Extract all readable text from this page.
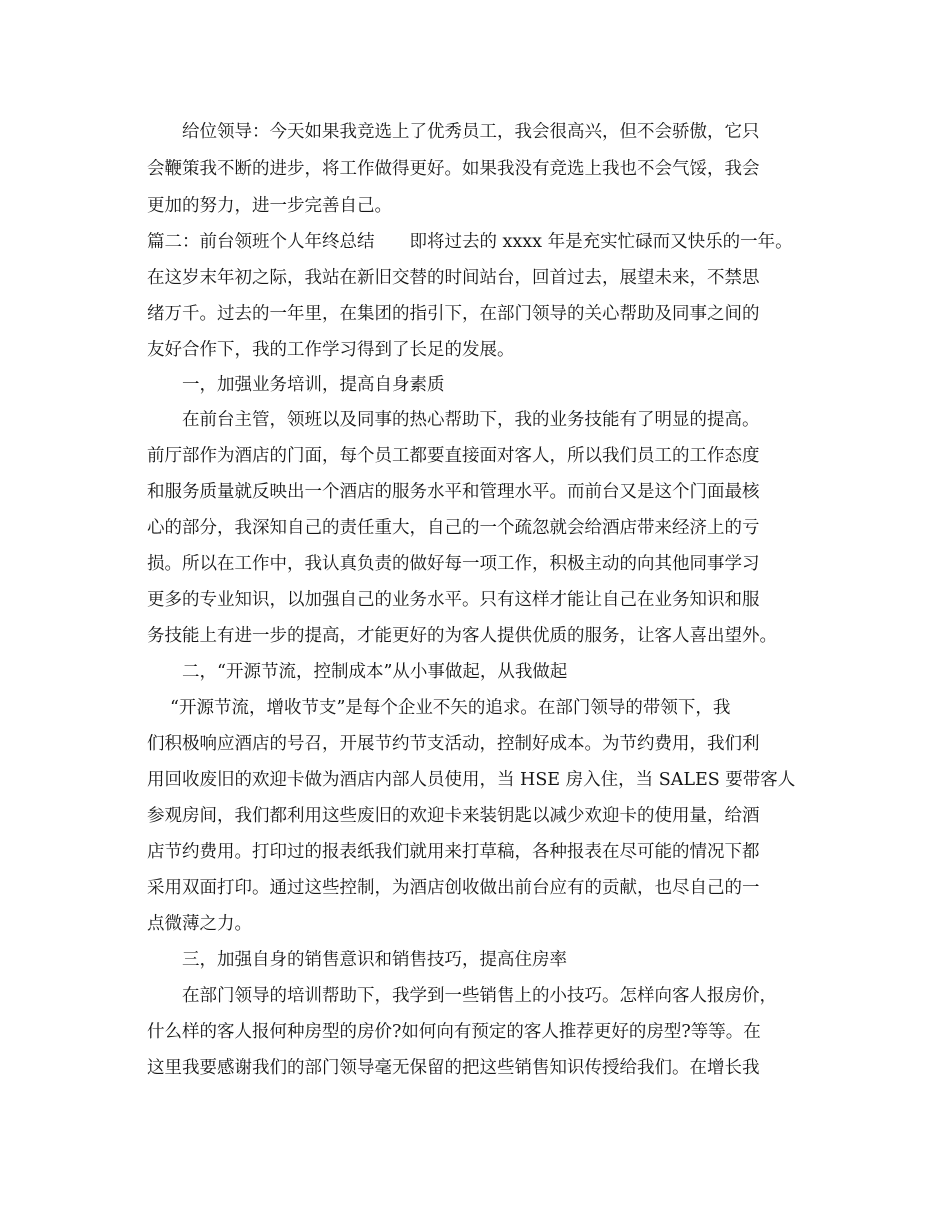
给位领导：今天如果我竞选上了优秀员工，我会很高兴，但不会骄傲，它只

会鞭策我不断的进步，将工作做得更好。如果我没有竞选上我也不会气馁，我会

更加的努力，进一步完善自己。

篇二：前台领班个人年终总结　　即将过去的 xxxx 年是充实忙碌而又快乐的一年。

在这岁末年初之际，我站在新旧交替的时间站台，回首过去，展望未来，不禁思

绪万千。过去的一年里，在集团的指引下，在部门领导的关心帮助及同事之间的

友好合作下，我的工作学习得到了长足的发展。

一，加强业务培训，提高自身素质

在前台主管，领班以及同事的热心帮助下，我的业务技能有了明显的提高。

前厅部作为酒店的门面，每个员工都要直接面对客人，所以我们员工的工作态度

和服务质量就反映出一个酒店的服务水平和管理水平。而前台又是这个门面最核

心的部分，我深知自己的责任重大，自己的一个疏忽就会给酒店带来经济上的亏

损。所以在工作中，我认真负责的做好每一项工作，积极主动的向其他同事学习

更多的专业知识，以加强自己的业务水平。只有这样才能让自己在业务知识和服

务技能上有进一步的提高，才能更好的为客人提供优质的服务，让客人喜出望外。

二，“开源节流，控制成本”从小事做起，从我做起

“开源节流，增收节支”是每个企业不矢的追求。在部门领导的带领下，我

们积极响应酒店的号召，开展节约节支活动，控制好成本。为节约费用，我们利

用回收废旧的欢迎卡做为酒店内部人员使用，当 HSE 房入住，当 SALES 要带客人

参观房间，我们都利用这些废旧的欢迎卡来装钥匙以减少欢迎卡的使用量，给酒

店节约费用。打印过的报表纸我们就用来打草稿，各种报表在尽可能的情况下都

采用双面打印。通过这些控制，为酒店创收做出前台应有的贡献，也尽自己的一

点微薄之力。

三，加强自身的销售意识和销售技巧，提高住房率

在部门领导的培训帮助下，我学到一些销售上的小技巧。怎样向客人报房价，

什么样的客人报何种房型的房价?如何向有预定的客人推荐更好的房型?等等。在

这里我要感谢我们的部门领导毫无保留的把这些销售知识传授给我们。在增长我
